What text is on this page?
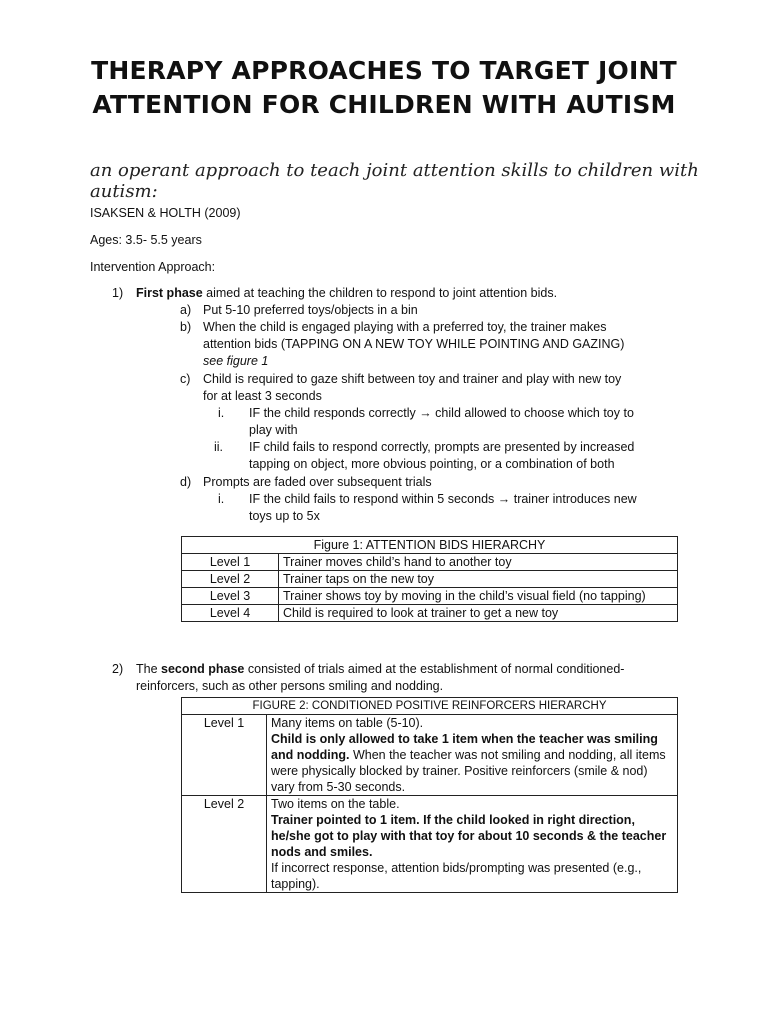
THERAPY APPROACHES TO TARGET JOINT
ATTENTION FOR CHILDREN WITH AUTISM
an operant approach to teach joint attention skills to children with autism:
ISAKSEN & HOLTH (2009)
Ages: 3.5- 5.5 years
Intervention Approach:
1) First phase aimed at teaching the children to respond to joint attention bids.
a) Put 5-10 preferred toys/objects in a bin
b) When the child is engaged playing with a preferred toy, the trainer makes
attention bids (TAPPING ON A NEW TOY WHILE POINTING AND GAZING)
see figure 1
c) Child is required to gaze shift between toy and trainer and play with new toy
for at least 3 seconds
i. IF the child responds correctly → child allowed to choose which toy to
play with
ii. IF child fails to respond correctly, prompts are presented by increased
tapping on object, more obvious pointing, or a combination of both
d) Prompts are faded over subsequent trials
i. IF the child fails to respond within 5 seconds → trainer introduces new
toys up to 5x
Figure 1: ATTENTION BIDS HIERARCHY	
Level 1	Trainer moves child’s hand to another toy
Level 2	Trainer taps on the new toy
Level 3	Trainer shows toy by moving in the child’s visual field (no tapping)
Level 4	Child is required to look at trainer to get a new toy
2) The second phase consisted of trials aimed at the establishment of normal conditioned-
reinforcers, such as other persons smiling and nodding.
FIGURE 2: CONDITIONED POSITIVE REINFORCERS HIERARCHY	
Level 1	Many items on table (5-10).
Child is only allowed to take 1 item when the teacher was smiling and nodding. When the teacher was not smiling and nodding, all items were physically blocked by trainer. Positive reinforcers (smile & nod) vary from 5-30 seconds.
Level 2	Two items on the table.
Trainer pointed to 1 item. If the child looked in right direction, he/she got to play with that toy for about 10 seconds & the teacher nods and smiles.
If incorrect response, attention bids/prompting was presented (e.g., tapping).
